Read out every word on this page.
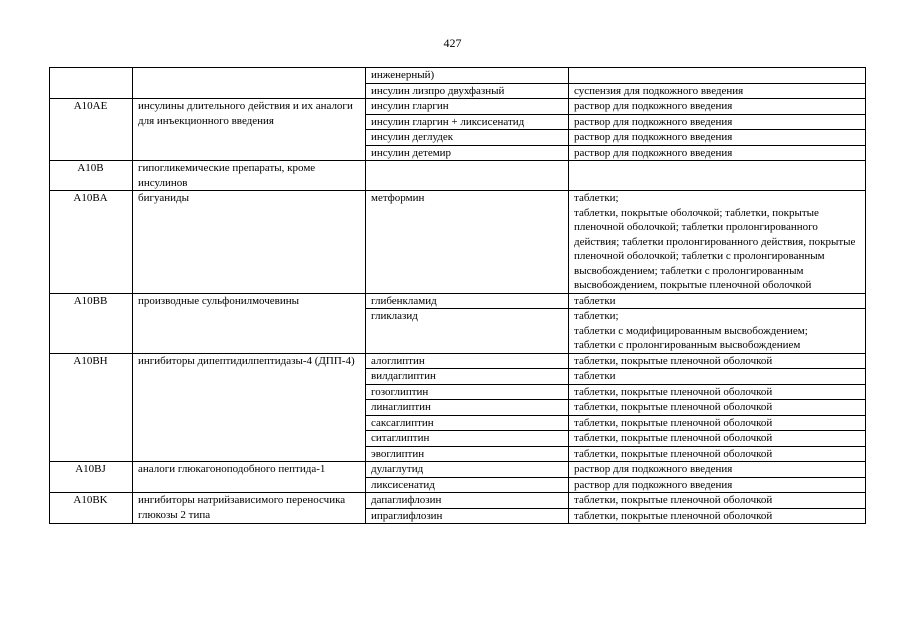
427
		инженерный)	
		инсулин лизпро двухфазный	суспензия для подкожного введения
A10AE	инсулины длительного действия и их аналоги для инъекционного введения	инсулин гларгин	раствор для подкожного введения
		инсулин гларгин + ликсисенатид	раствор для подкожного введения
		инсулин деглудек	раствор для подкожного введения
		инсулин детемир	раствор для подкожного введения
A10B	гипогликемические препараты, кроме инсулинов		
A10BA	бигуаниды	метформин	таблетки;
таблетки, покрытые оболочкой; таблетки, покрытые пленочной оболочкой; таблетки пролонгированного действия; таблетки пролонгированного действия, покрытые пленочной оболочкой; таблетки с пролонгированным высвобождением; таблетки с пролонгированным высвобождением, покрытые пленочной оболочкой
A10BB	производные сульфонилмочевины	глибенкламид	таблетки
		гликлазид	таблетки;
таблетки с модифицированным высвобождением;
таблетки с пролонгированным высвобождением
A10BH	ингибиторы дипептидилпептидазы-4 (ДПП-4)	алоглиптин	таблетки, покрытые пленочной оболочкой
		вилдаглиптин	таблетки
		гозоглиптин	таблетки, покрытые пленочной оболочкой
		линаглиптин	таблетки, покрытые пленочной оболочкой
		саксаглиптин	таблетки, покрытые пленочной оболочкой
		ситаглиптин	таблетки, покрытые пленочной оболочкой
		эвоглиптин	таблетки, покрытые пленочной оболочкой
A10BJ	аналоги глюкагоноподобного пептида-1	дулаглутид	раствор для подкожного введения
		ликсисенатид	раствор для подкожного введения
A10BK	ингибиторы натрийзависимого переносчика глюкозы 2 типа	дапаглифлозин	таблетки, покрытые пленочной оболочкой
		ипраглифлозин	таблетки, покрытые пленочной оболочкой
